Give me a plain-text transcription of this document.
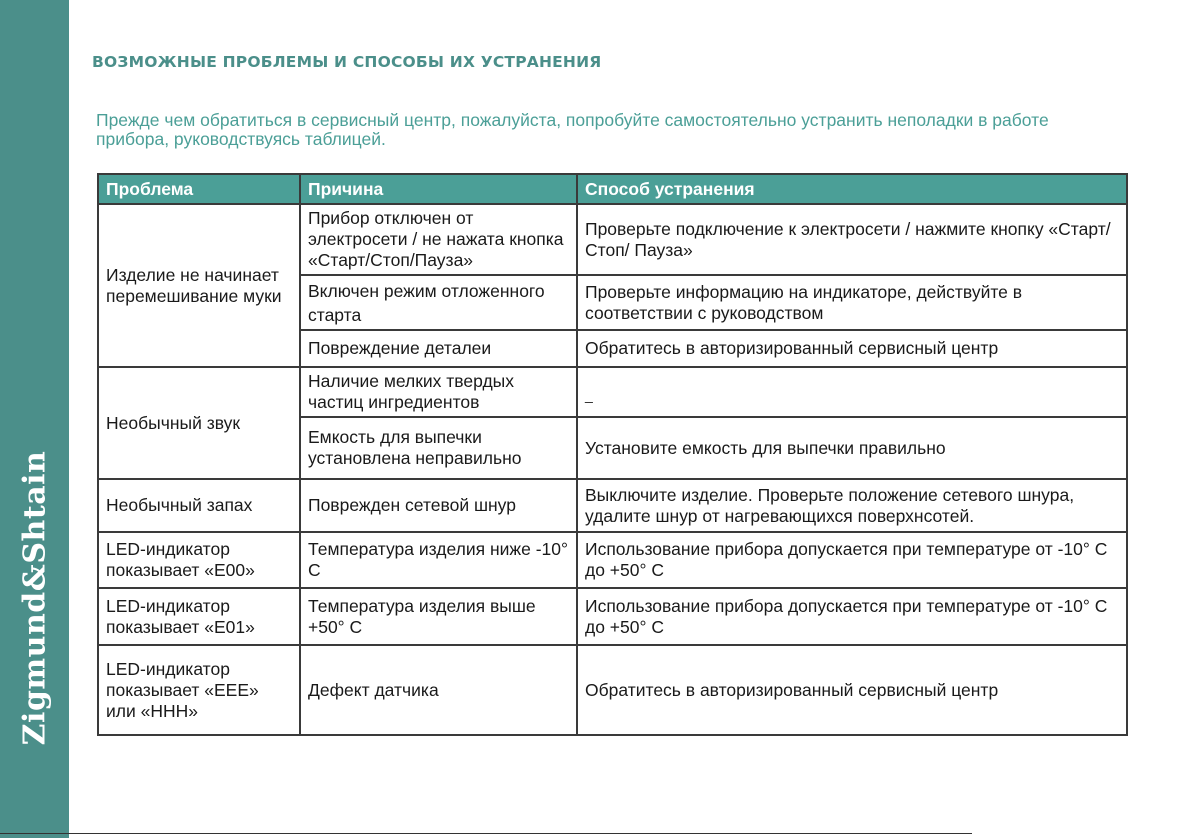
Zigmund&Shtain
ВОЗМОЖНЫЕ ПРОБЛЕМЫ И СПОСОБЫ ИХ УСТРАНЕНИЯ
Прежде чем обратиться в сервисный центр, пожалуйста, попробуйте самостоятельно устранить неполадки в работе прибора, руководствуясь таблицей.
Проблема	Причина	Способ устранения
Изделие не начинает перемешивание муки	Прибор отключен от электросети / не нажата кнопка «Старт/Стоп/Пауза»	Проверьте подключение к электросети / нажмите кнопку «Старт/Стоп/ Пауза»
	Включен режим отложенного старта	Проверьте информацию на индикаторе, действуйте в соответствии с руководством
	Повреждение деталеи	Обратитесь в авторизированный сервисный центр
Необычный звук	Наличие мелких твердых частиц ингредиентов	$_{\_}$
	Емкость для выпечки установлена неправильно	Установите емкость для выпечки правильно
Необычный запах	Поврежден сетевой шнур	Выключите изделие. Проверьте положение сетевого шнура, удалите шнур от нагревающихся поверхнсотей.
LED-индикатор показывает «E00»	Температура изделия ниже -10° С	Использование прибора допускается при температуре от -10° С до +50° С
LED-индикатор показывает «E01»	Температура изделия выше +50° С	Использование прибора допускается при температуре от -10° С до +50° С
LED-индикатор показывает «EEE» или «HHH»	Дефект датчика	Обратитесь в авторизированный сервисный центр
